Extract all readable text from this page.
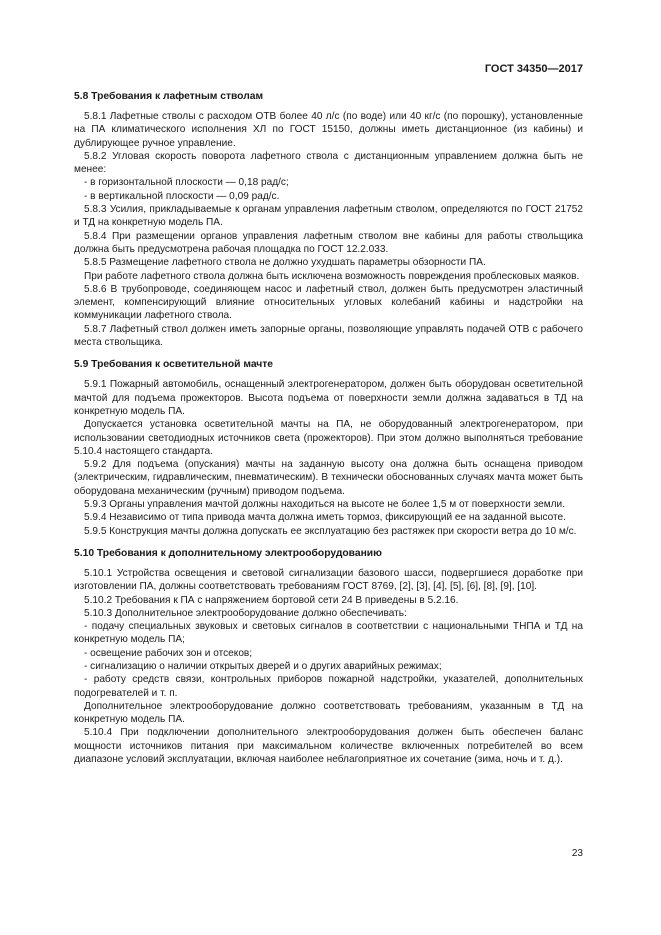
ГОСТ 34350—2017

5.8 Требования к лафетным стволам

5.8.1 Лафетные стволы с расходом ОТВ более 40 л/с (по воде) или 40 кг/с (по порошку), установленные на ПА климатического исполнения ХЛ по ГОСТ 15150, должны иметь дистанционное (из кабины) и дублирующее ручное управление.

5.8.2 Угловая скорость поворота лафетного ствола с дистанционным управлением должна быть не менее:

- в горизонтальной плоскости — 0,18 рад/с;

- в вертикальной плоскости — 0,09 рад/с.

5.8.3 Усилия, прикладываемые к органам управления лафетным стволом, определяются по ГОСТ 21752 и ТД на конкретную модель ПА.

5.8.4 При размещении органов управления лафетным стволом вне кабины для работы ствольщика должна быть предусмотрена рабочая площадка по ГОСТ 12.2.033.

5.8.5 Размещение лафетного ствола не должно ухудшать параметры обзорности ПА.

При работе лафетного ствола должна быть исключена возможность повреждения проблесковых маяков.

5.8.6 В трубопроводе, соединяющем насос и лафетный ствол, должен быть предусмотрен эластичный элемент, компенсирующий влияние относительных угловых колебаний кабины и надстройки на коммуникации лафетного ствола.

5.8.7 Лафетный ствол должен иметь запорные органы, позволяющие управлять подачей ОТВ с рабочего места ствольщика.

5.9 Требования к осветительной мачте

5.9.1 Пожарный автомобиль, оснащенный электрогенератором, должен быть оборудован осветительной мачтой для подъема прожекторов. Высота подъема от поверхности земли должна задаваться в ТД на конкретную модель ПА.

Допускается установка осветительной мачты на ПА, не оборудованный электрогенератором, при использовании светодиодных источников света (прожекторов). При этом должно выполняться требование 5.10.4 настоящего стандарта.

5.9.2 Для подъема (опускания) мачты на заданную высоту она должна быть оснащена приводом (электрическим, гидравлическим, пневматическим). В технически обоснованных случаях мачта может быть оборудована механическим (ручным) приводом подъема.

5.9.3 Органы управления мачтой должны находиться на высоте не более 1,5 м от поверхности земли.

5.9.4 Независимо от типа привода мачта должна иметь тормоз, фиксирующий ее на заданной высоте.

5.9.5 Конструкция мачты должна допускать ее эксплуатацию без растяжек при скорости ветра до 10 м/с.

5.10 Требования к дополнительному электрооборудованию

5.10.1 Устройства освещения и световой сигнализации базового шасси, подвергшиеся доработке при изготовлении ПА, должны соответствовать требованиям ГОСТ 8769, [2], [3], [4], [5], [6], [8], [9], [10].

5.10.2 Требования к ПА с напряжением бортовой сети 24 В приведены в 5.2.16.

5.10.3 Дополнительное электрооборудование должно обеспечивать:

- подачу специальных звуковых и световых сигналов в соответствии с национальными ТНПА и ТД на конкретную модель ПА;

- освещение рабочих зон и отсеков;

- сигнализацию о наличии открытых дверей и о других аварийных режимах;

- работу средств связи, контрольных приборов пожарной надстройки, указателей, дополнительных подогревателей и т. п.

Дополнительное электрооборудование должно соответствовать требованиям, указанным в ТД на конкретную модель ПА.

5.10.4 При подключении дополнительного электрооборудования должен быть обеспечен баланс мощности источников питания при максимальном количестве включенных потребителей во всем диапазоне условий эксплуатации, включая наиболее неблагоприятное их сочетание (зима, ночь и т. д.).

23
